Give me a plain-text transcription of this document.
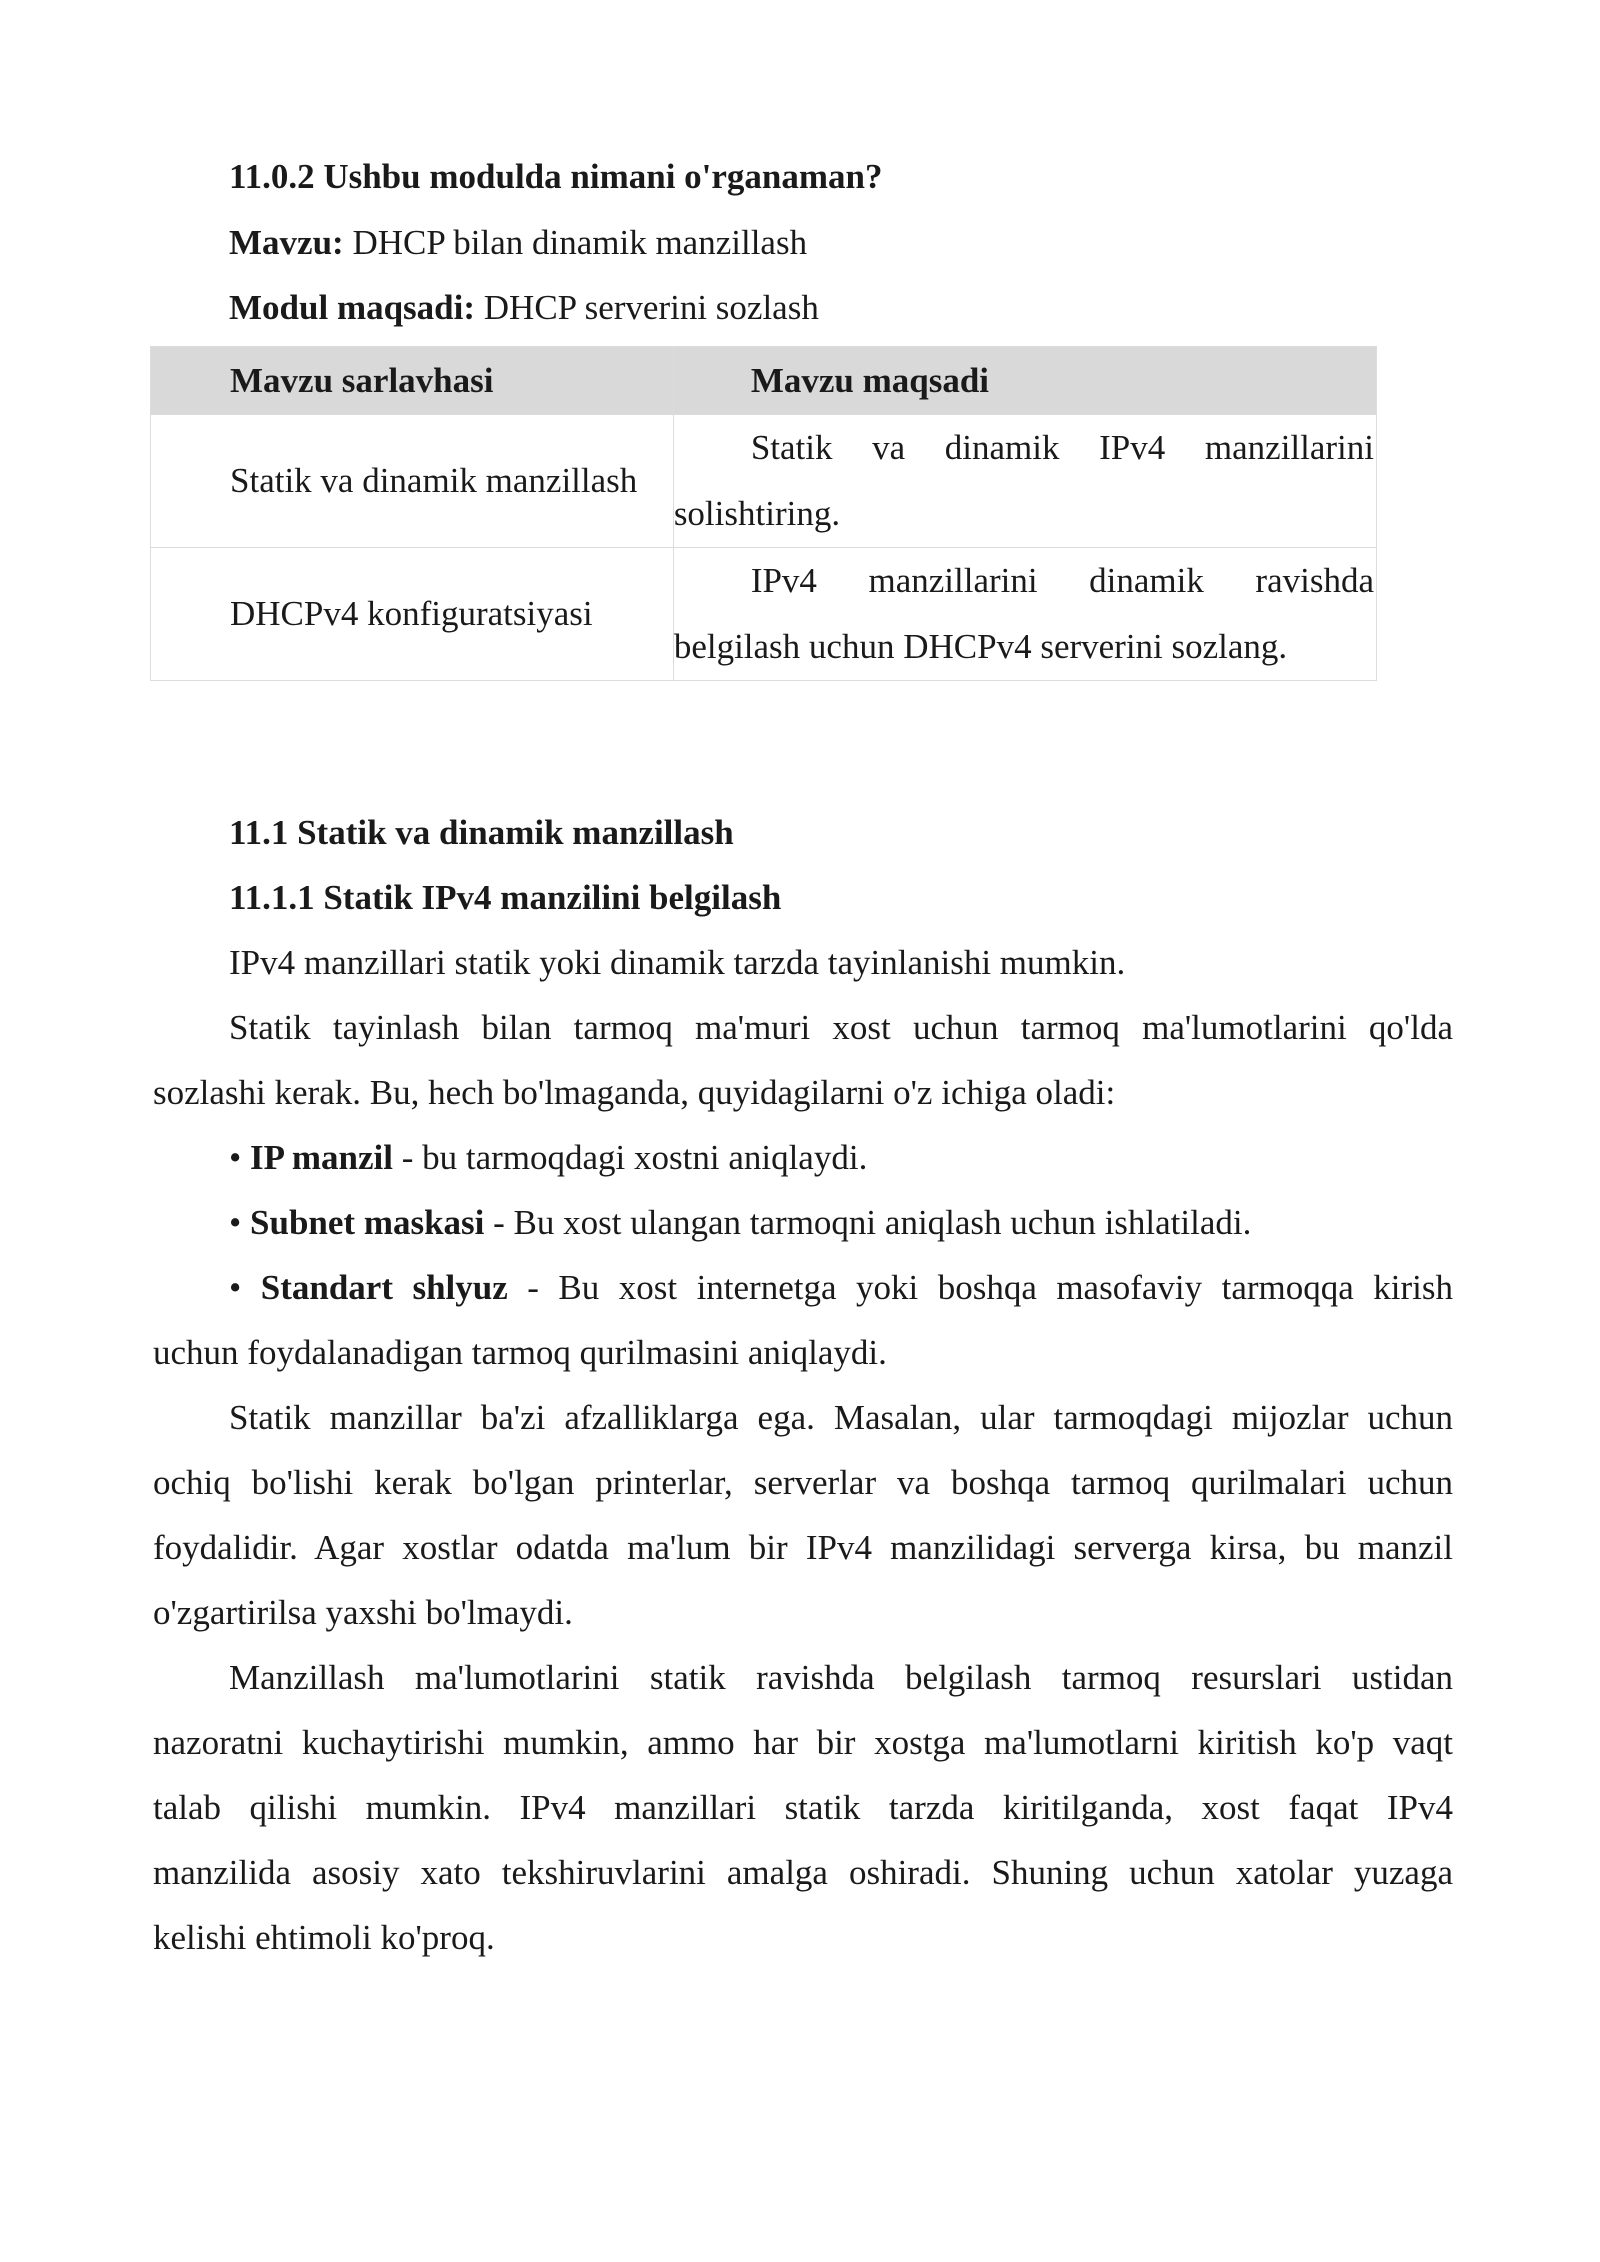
11.0.2 Ushbu modulda nimani o'rganaman?
Mavzu: DHCP bilan dinamik manzillash
Modul maqsadi: DHCP serverini sozlash
Mavzu sarlavhasi	Mavzu maqsadi
Statik va dinamik manzillash	Statik va dinamik IPv4 manzillarini
solishtiring.

DHCPv4 konfiguratsiyasi	IPv4 manzillarini dinamik ravishda
belgilash uchun DHCPv4 serverini sozlang.
11.1 Statik va dinamik manzillash
11.1.1 Statik IPv4 manzilini belgilash
IPv4 manzillari statik yoki dinamik tarzda tayinlanishi mumkin.
Statik tayinlash bilan tarmoq ma'muri xost uchun tarmoq ma'lumotlarini qo'lda
sozlashi kerak. Bu, hech bo'lmaganda, quyidagilarni o'z ichiga oladi:
• IP manzil - bu tarmoqdagi xostni aniqlaydi.
• Subnet maskasi - Bu xost ulangan tarmoqni aniqlash uchun ishlatiladi.
• Standart shlyuz - Bu xost internetga yoki boshqa masofaviy tarmoqqa kirish
uchun foydalanadigan tarmoq qurilmasini aniqlaydi.
Statik manzillar ba'zi afzalliklarga ega. Masalan, ular tarmoqdagi mijozlar uchun
ochiq bo'lishi kerak bo'lgan printerlar, serverlar va boshqa tarmoq qurilmalari uchun
foydalidir. Agar xostlar odatda ma'lum bir IPv4 manzilidagi serverga kirsa, bu manzil
o'zgartirilsa yaxshi bo'lmaydi.
Manzillash ma'lumotlarini statik ravishda belgilash tarmoq resurslari ustidan
nazoratni kuchaytirishi mumkin, ammo har bir xostga ma'lumotlarni kiritish ko'p vaqt
talab qilishi mumkin. IPv4 manzillari statik tarzda kiritilganda, xost faqat IPv4
manzilida asosiy xato tekshiruvlarini amalga oshiradi. Shuning uchun xatolar yuzaga
kelishi ehtimoli ko'proq.
